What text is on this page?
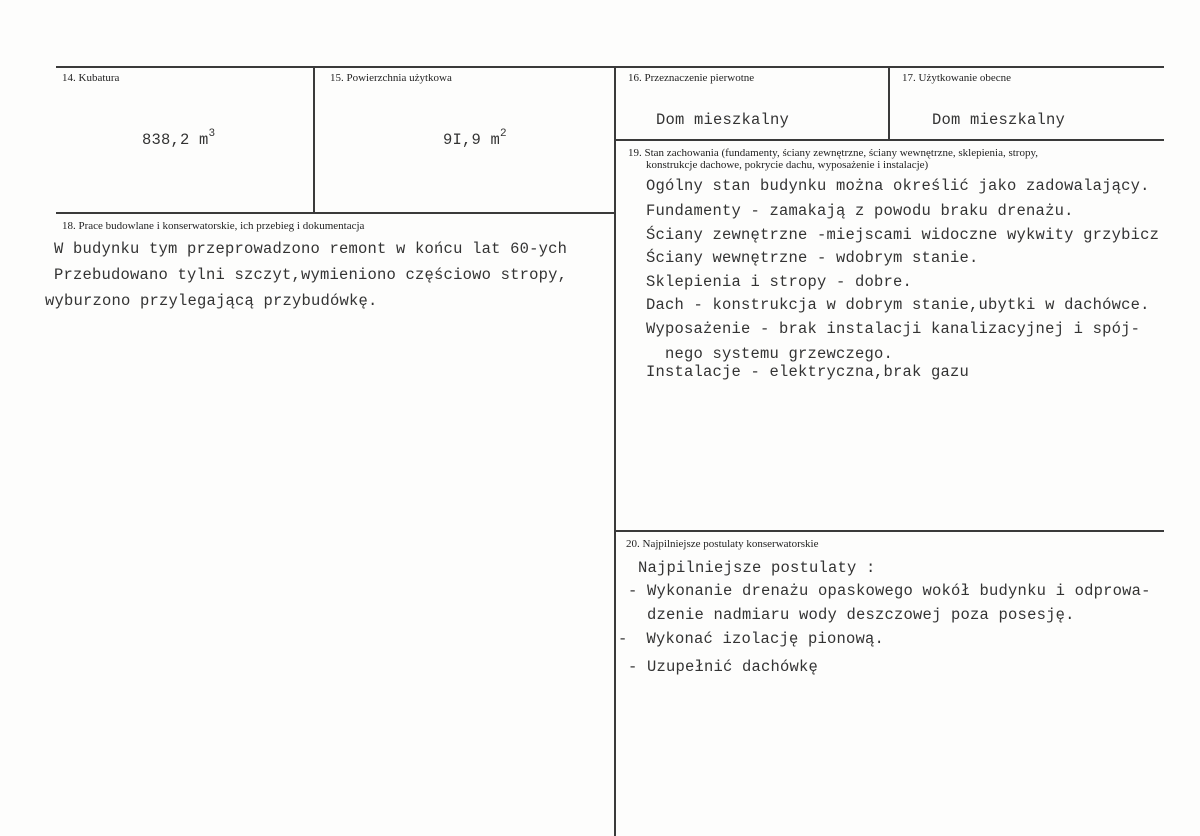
14. Kubatura

838,2 $m^3$

15. Powierzchnia użytkowa

9I,9 $m^2$

16. Przeznaczenie pierwotne
Dom mieszkalny
17. Użytkowanie obecne
Dom mieszkalny
18. Prace budowlane i konserwatorskie, ich przebieg i dokumentacja
W budynku tym przeprowadzono remont w końcu lat 60-ych
Przebudowano tylni szczyt,wymieniono częściowo stropy,
wyburzono przylegającą przybudówkę.
19. Stan zachowania (fundamenty, ściany zewnętrzne, ściany wewnętrzne, sklepienia, stropy,
konstrukcje dachowe, pokrycie dachu, wyposażenie i instalacje)
Ogólny stan budynku można określić jako zadowalający.
Fundamenty - zamakają z powodu braku drenażu.
Ściany zewnętrzne -miejscami widoczne wykwity grzybicz
Ściany wewnętrzne - wdobrym stanie.
Sklepienia i stropy - dobre.
Dach - konstrukcja w dobrym stanie,ubytki w dachówce.
Wyposażenie - brak instalacji kanalizacyjnej i spój-
nego systemu grzewczego.
Instalacje - elektryczna,brak gazu
20. Najpilniejsze postulaty konserwatorskie
Najpilniejsze postulaty :
- Wykonanie drenażu opaskowego wokół budynku i odprowa-
dzenie nadmiaru wody deszczowej poza posesję.
-  Wykonać izolację pionową.
- Uzupełnić dachówkę
